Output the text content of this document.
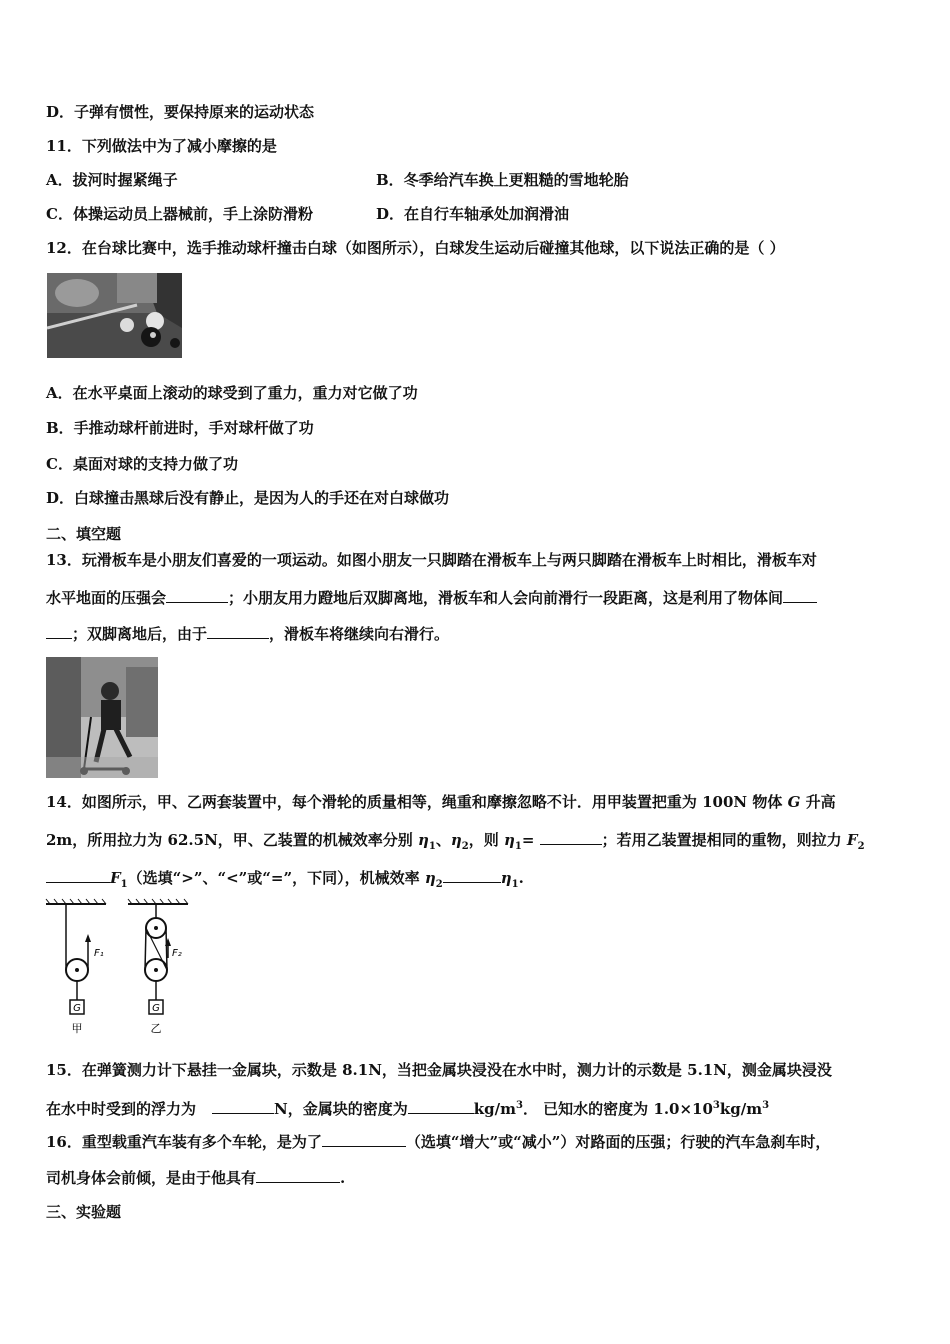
D．子弹有惯性，要保持原来的运动状态
11．下列做法中为了减小摩擦的是
A．拔河时握紧绳子	B．冬季给汽车换上更粗糙的雪地轮胎
C．体操运动员上器械前，手上涂防滑粉	D．在自行车轴承处加润滑油
12．在台球比赛中，选手推动球杆撞击白球（如图所示），白球发生运动后碰撞其他球，以下说法正确的是（ ）
A．在水平桌面上滚动的球受到了重力，重力对它做了功
B．手推动球杆前进时，手对球杆做了功
C．桌面对球的支持力做了功
D．白球撞击黑球后没有静止，是因为人的手还在对白球做功
二、填空题
13．玩滑板车是小朋友们喜爱的一项运动。如图小朋友一只脚踏在滑板车上与两只脚踏在滑板车上时相比，滑板车对
水平地面的压强会	；小朋友用力蹬地后双脚离地，滑板车和人会向前滑行一段距离，这是利用了物体间
；双脚离地后，由于	，滑板车将继续向右滑行。
14．如图所示，甲、乙两套装置中，每个滑轮的质量相等，绳重和摩擦忽略不计．用甲装置把重为 100N 物体 G 升高
2m，所用拉力为 62.5N，甲、乙装置的机械效率分别 $\eta_1$、$\eta_2$，则 $\eta_1=$	；若用乙装置提相同的重物，则拉力 $F_2$
$F_1$（选填“>”、“<”或“=”，下同），机械效率 $\eta_2$	$\eta_1$.
G
F₁
甲
G
F₂
乙
15．在弹簧测力计下悬挂一金属块，示数是 8.1N，当把金属块浸没在水中时，测力计的示数是 5.1N，测金属块浸没
在水中时受到的浮力为	N，金属块的密度为	$kg/m^3$． 已知水的密度为 $1.0\times 10^3kg/m^3$
16．重型载重汽车装有多个车轮，是为了	（选填“增大”或“减小”）对路面的压强；行驶的汽车急刹车时，
司机身体会前倾，是由于他具有	.
三、实验题
